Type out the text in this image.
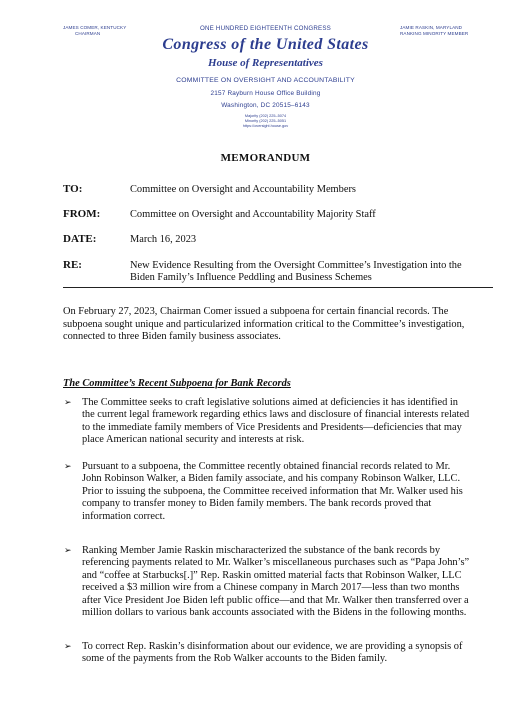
JAMES COMER, KENTUCKY
CHAIRMAN
JAMIE RASKIN, MARYLAND
RANKING MINORITY MEMBER
ONE HUNDRED EIGHTEENTH CONGRESS
Congress of the United States
House of Representatives
COMMITTEE ON OVERSIGHT AND ACCOUNTABILITY
2157 Rayburn House Office Building
Washington, DC 20515–6143
Majority (202) 225–5074
Minority (202) 225–5051
https://oversight.house.gov
MEMORANDUM
TO:	Committee on Oversight and Accountability Members
FROM:	Committee on Oversight and Accountability Majority Staff
DATE:	March 16, 2023
RE:	New Evidence Resulting from the Oversight Committee’s Investigation into the
Biden Family’s Influence Peddling and Business Schemes
On February 27, 2023, Chairman Comer issued a subpoena for certain financial records. The
subpoena sought unique and particularized information critical to the Committee’s investigation,
connected to three Biden family business associates.
The Committee’s Recent Subpoena for Bank Records
➢ The Committee seeks to craft legislative solutions aimed at deficiencies it has identified in
the current legal framework regarding ethics laws and disclosure of financial interests related
to the immediate family members of Vice Presidents and Presidents—deficiencies that may
place American national security and interests at risk.
➢ Pursuant to a subpoena, the Committee recently obtained financial records related to Mr.
John Robinson Walker, a Biden family associate, and his company Robinson Walker, LLC.
Prior to issuing the subpoena, the Committee received information that Mr. Walker used his
company to transfer money to Biden family members. The bank records proved that
information correct.
➢ Ranking Member Jamie Raskin mischaracterized the substance of the bank records by
referencing payments related to Mr. Walker’s miscellaneous purchases such as “Papa John’s”
and “coffee at Starbucks[.]” Rep. Raskin omitted material facts that Robinson Walker, LLC
received a $3 million wire from a Chinese company in March 2017—less than two months
after Vice President Joe Biden left public office—and that Mr. Walker then transferred over a
million dollars to various bank accounts associated with the Bidens in the following months.
➢ To correct Rep. Raskin’s disinformation about our evidence, we are providing a synopsis of
some of the payments from the Rob Walker accounts to the Biden family.
